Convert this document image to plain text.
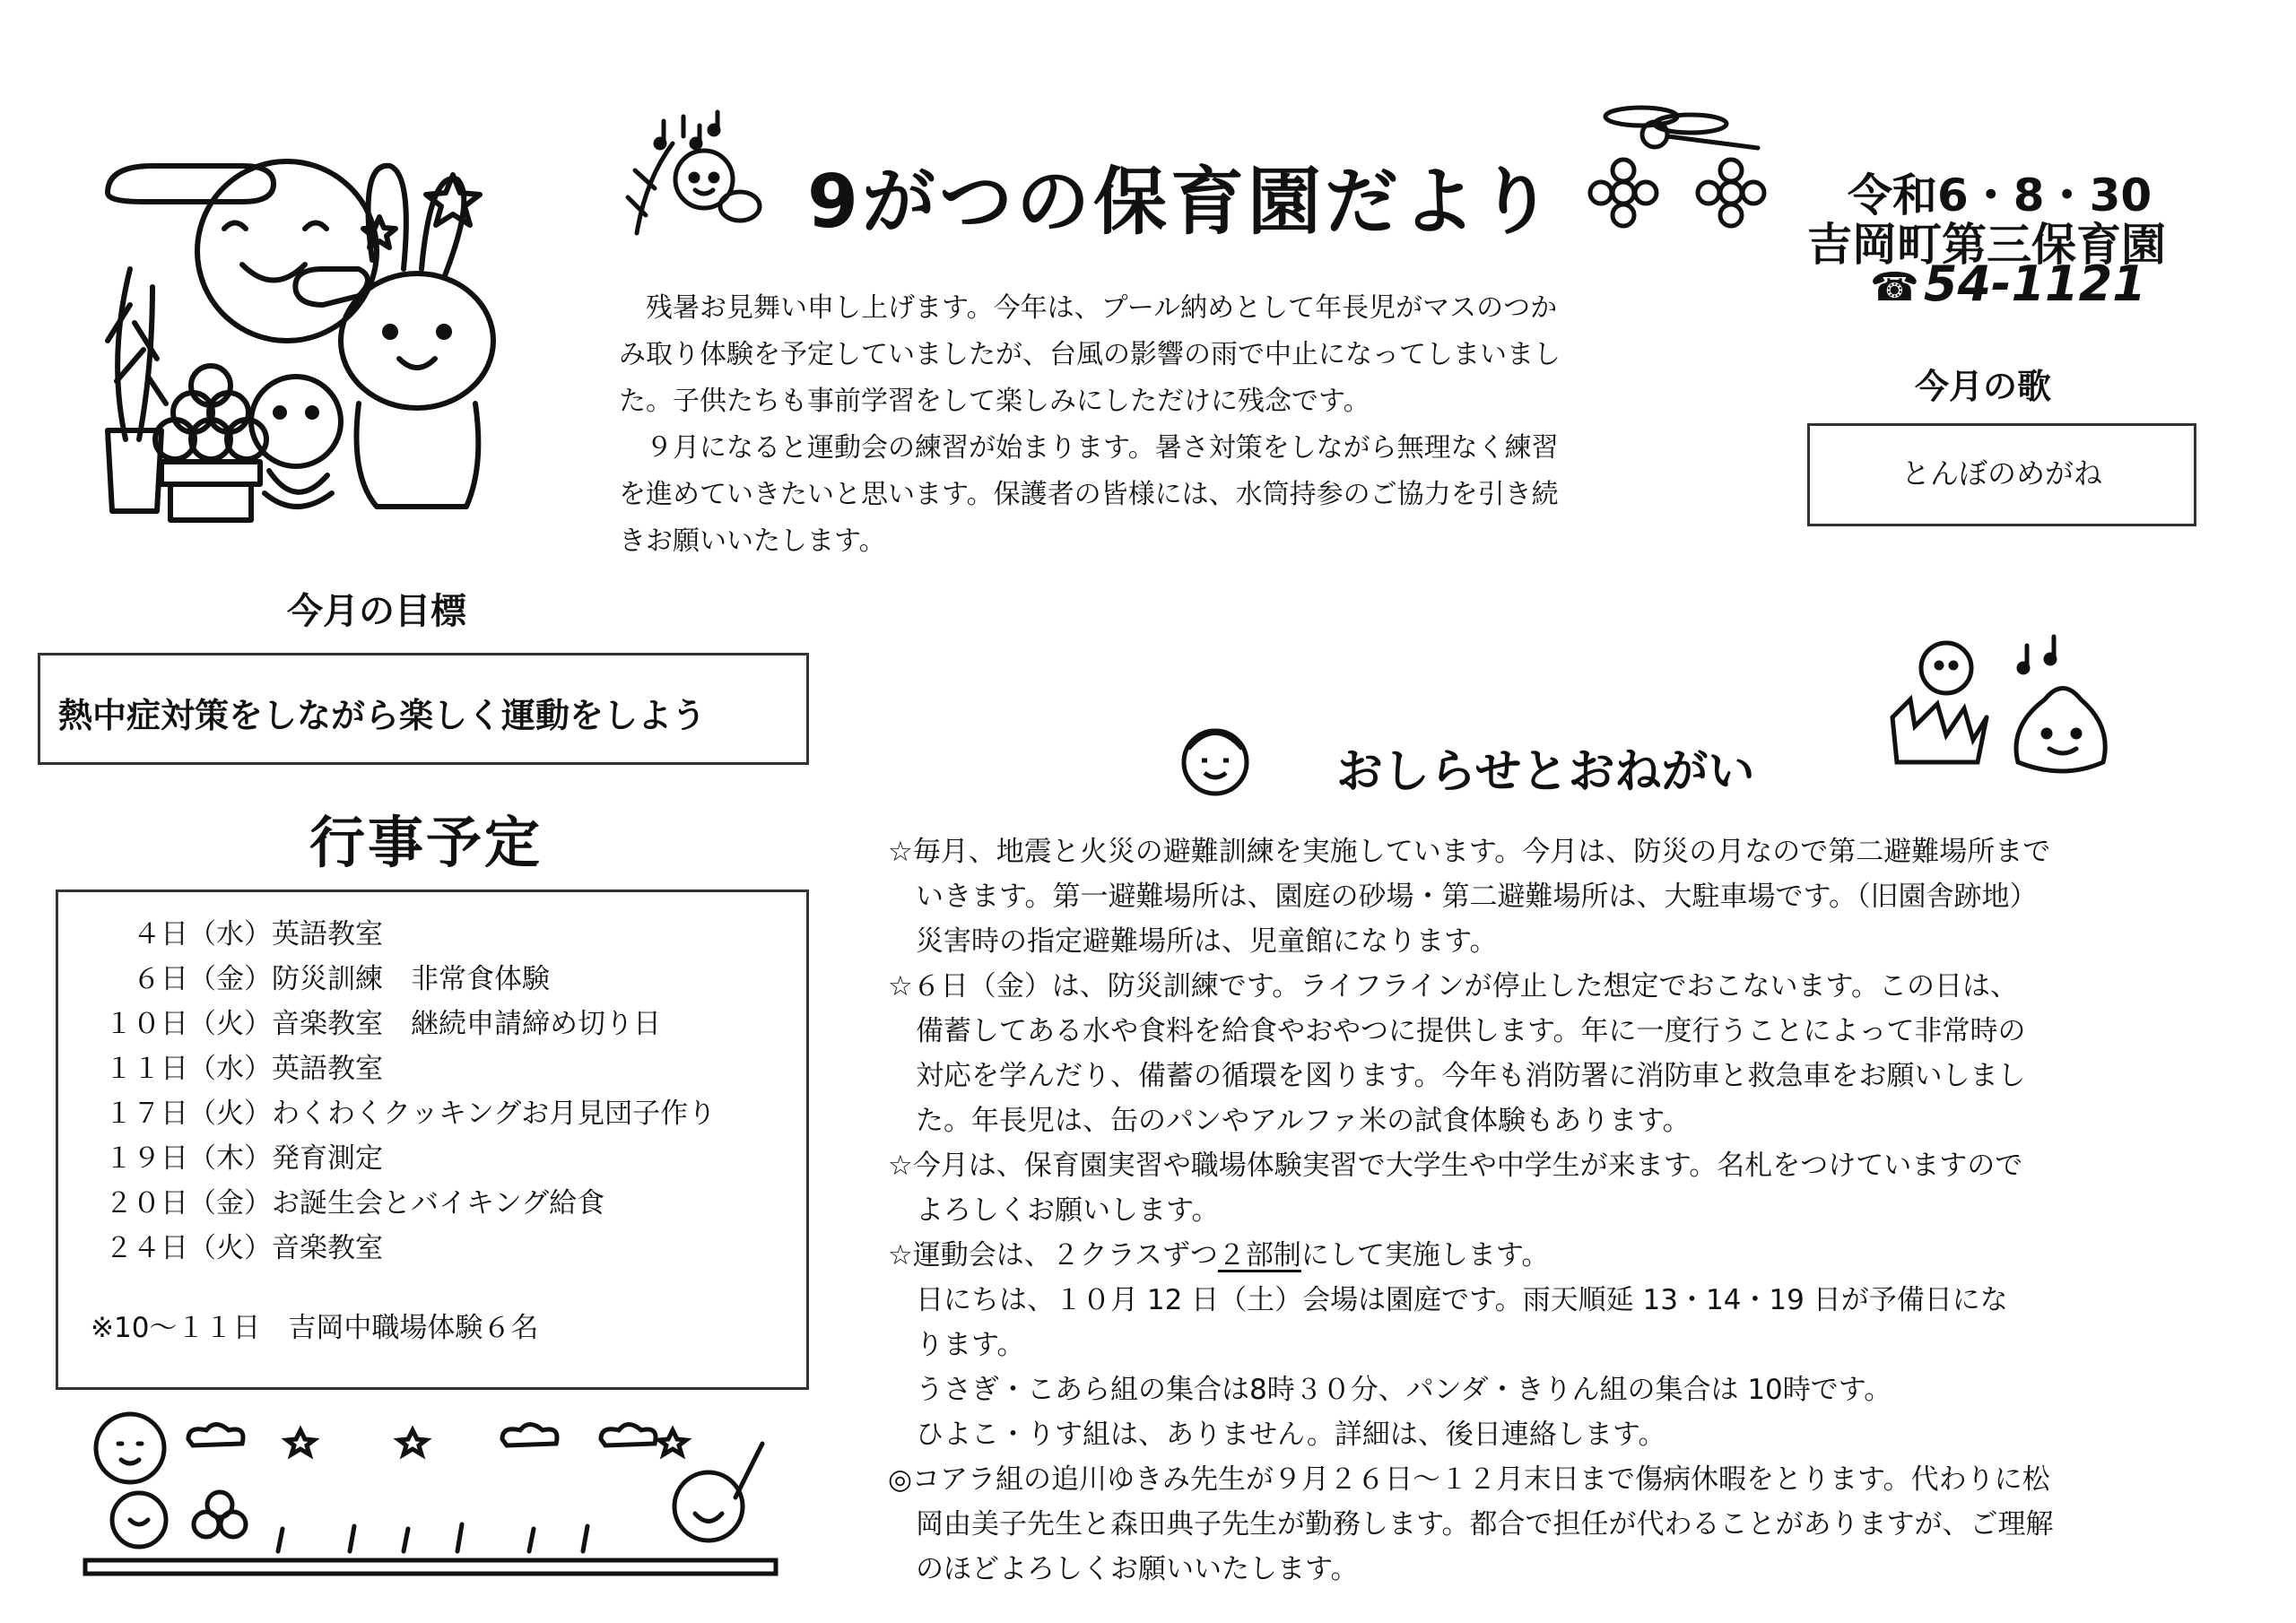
9がつの保育園だより	令和6・8・30
吉岡町第三保育園
☎ 54-1121
　残暑お見舞い申し上げます。今年は、プール納めとして年長児がマスのつか
み取り体験を予定していましたが、台風の影響の雨で中止になってしまいまし
た。子供たちも事前学習をして楽しみにしただけに残念です。
　９月になると運動会の練習が始まります。暑さ対策をしながら無理なく練習
を進めていきたいと思います。保護者の皆様には、水筒持参のご協力を引き続
きお願いいたします。
今月の歌
とんぼのめがね
今月の目標
熱中症対策をしながら楽しく運動をしよう
行事予定
　４日（水）英語教室
　６日（金）防災訓練　非常食体験
１０日（火）音楽教室　継続申請締め切り日
１１日（水）英語教室
１７日（火）わくわくクッキングお月見団子作り
１９日（木）発育測定
２０日（金）お誕生会とバイキング給食
２４日（火）音楽教室
※10～１１日　吉岡中職場体験６名
おしらせとおねがい
☆毎月、地震と火災の避難訓練を実施しています。今月は、防災の月なので第二避難場所まで
　いきます。第一避難場所は、園庭の砂場・第二避難場所は、大駐車場です。（旧園舎跡地）
　災害時の指定避難場所は、児童館になります。
☆６日（金）は、防災訓練です。ライフラインが停止した想定でおこないます。この日は、
　備蓄してある水や食料を給食やおやつに提供します。年に一度行うことによって非常時の
　対応を学んだり、備蓄の循環を図ります。今年も消防署に消防車と救急車をお願いしまし
　た。年長児は、缶のパンやアルファ米の試食体験もあります。
☆今月は、保育園実習や職場体験実習で大学生や中学生が来ます。名札をつけていますので
　よろしくお願いします。
☆運動会は、２クラスずつ２部制にして実施します。
　日にちは、１０月 12 日（土）会場は園庭です。雨天順延 13・14・19 日が予備日にな
　ります。
　うさぎ・こあら組の集合は8時３０分、パンダ・きりん組の集合は 10時です。
　ひよこ・りす組は、ありません。詳細は、後日連絡します。
◎コアラ組の追川ゆきみ先生が９月２６日～１２月末日まで傷病休暇をとります。代わりに松
　岡由美子先生と森田典子先生が勤務します。都合で担任が代わることがありますが、ご理解
　のほどよろしくお願いいたします。
